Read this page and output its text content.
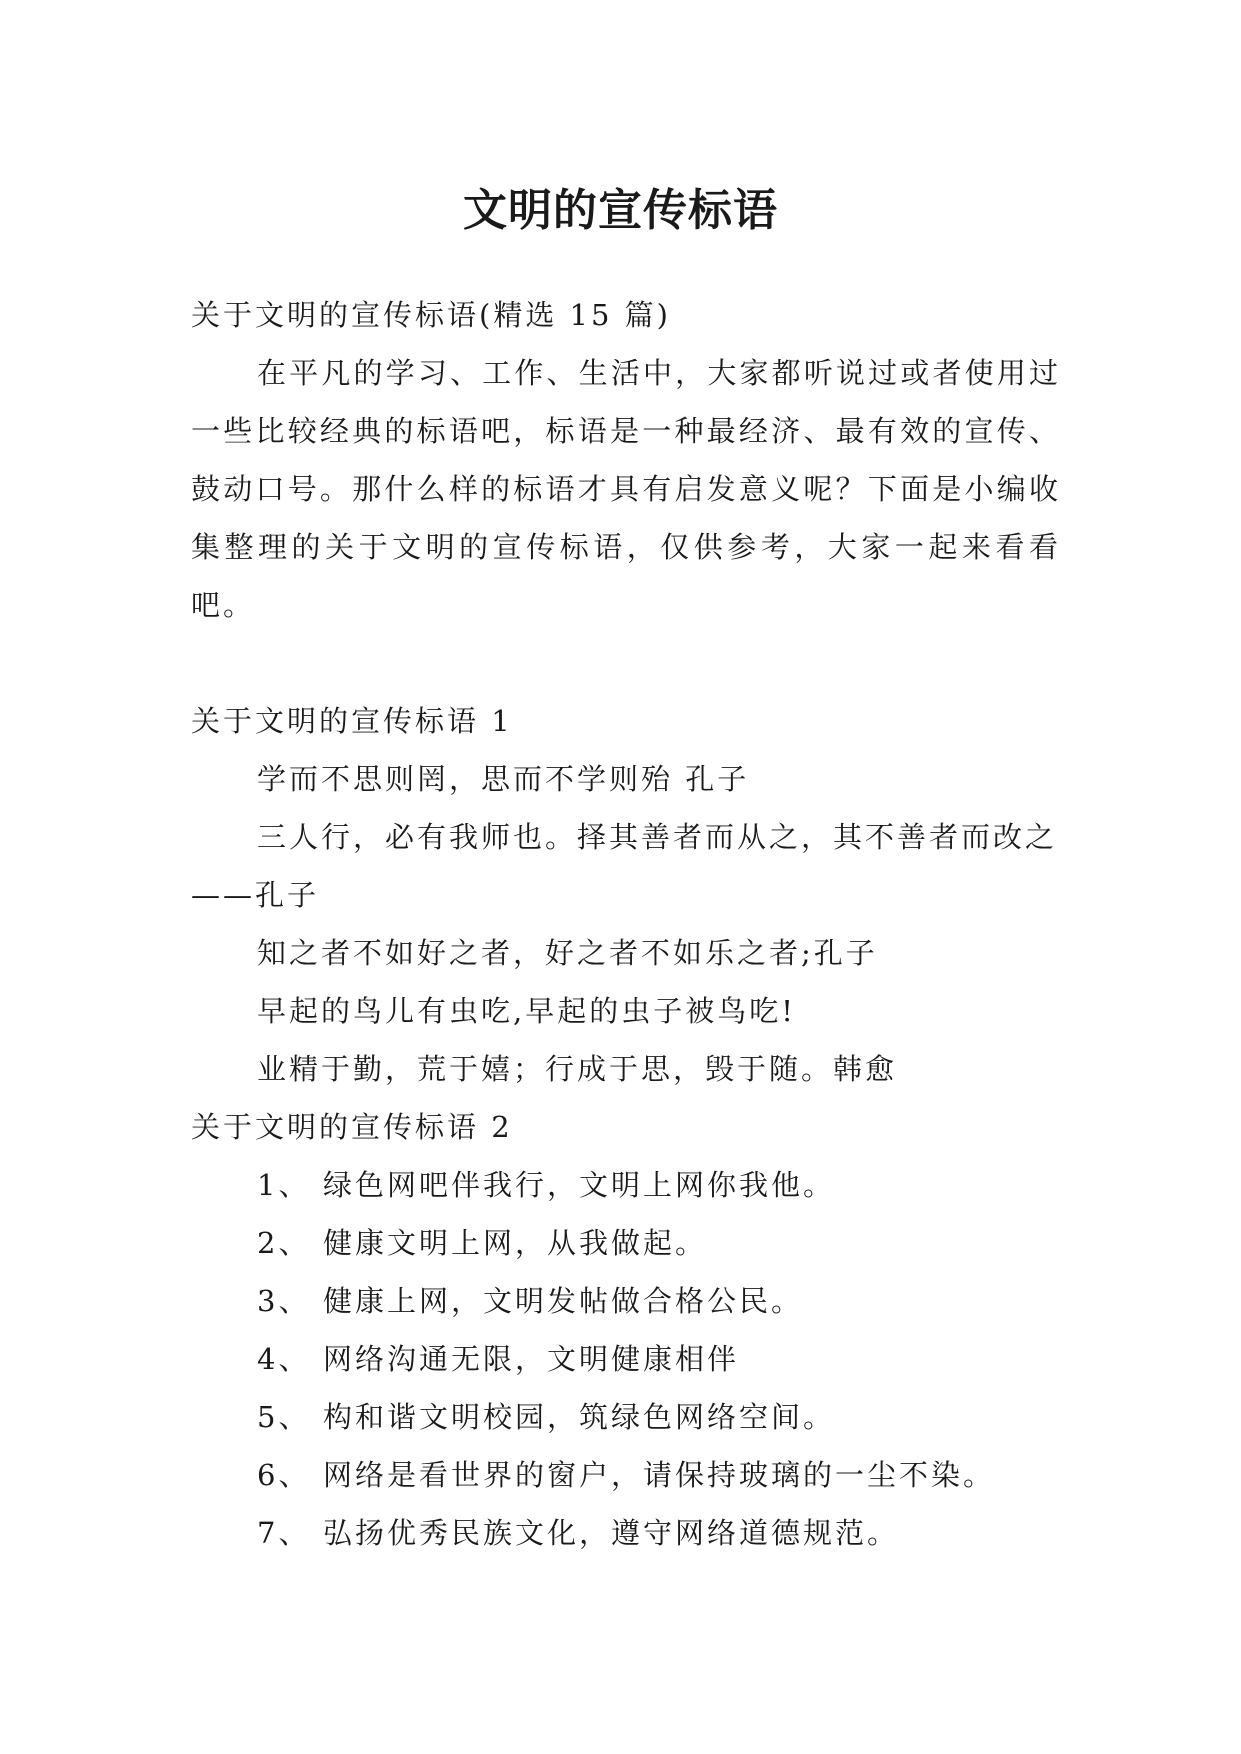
文明的宣传标语

关于文明的宣传标语(精选 15 篇)

在平凡的学习、工作、生活中，大家都听说过或者使用过一些比较经典的标语吧，标语是一种最经济、最有效的宣传、鼓动口号。那什么样的标语才具有启发意义呢？下面是小编收集整理的关于文明的宣传标语，仅供参考，大家一起来看看吧。

关于文明的宣传标语 1

学而不思则罔，思而不学则殆 孔子

三人行，必有我师也。择其善者而从之，其不善者而改之——孔子

知之者不如好之者，好之者不如乐之者;孔子

早起的鸟儿有虫吃,早起的虫子被鸟吃!

业精于勤，荒于嬉；行成于思，毁于随。韩愈

关于文明的宣传标语 2

1、 绿色网吧伴我行，文明上网你我他。

2、 健康文明上网，从我做起。

3、 健康上网，文明发帖做合格公民。

4、 网络沟通无限，文明健康相伴

5、 构和谐文明校园，筑绿色网络空间。

6、 网络是看世界的窗户，请保持玻璃的一尘不染。

7、 弘扬优秀民族文化，遵守网络道德规范。
